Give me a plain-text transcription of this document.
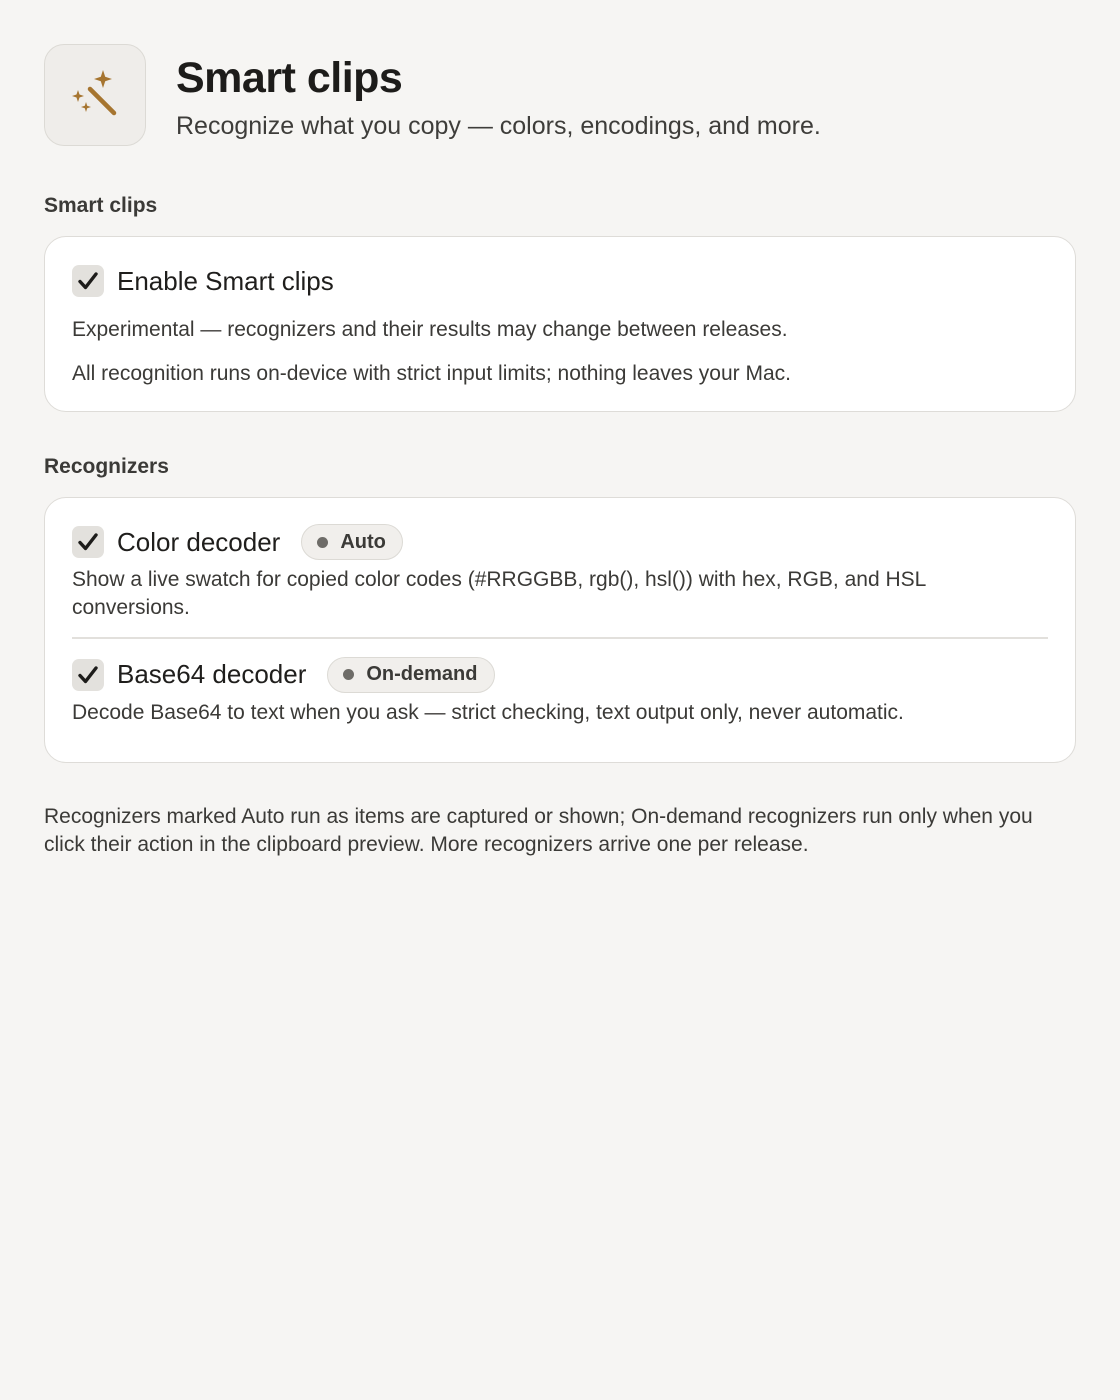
Smart clips
Recognize what you copy — colors, encodings, and more.
Smart clips
Enable Smart clips
Experimental — recognizers and their results may change between releases.
All recognition runs on-device with strict input limits; nothing leaves your Mac.
Recognizers
Color decoder	Auto
Show a live swatch for copied color codes (#RRGGBB, rgb(), hsl()) with hex, RGB, and HSL conversions.
Base64 decoder	On-demand
Decode Base64 to text when you ask — strict checking, text output only, never automatic.
Recognizers marked Auto run as items are captured or shown; On-demand recognizers run only when you click their action in the clipboard preview. More recognizers arrive one per release.
